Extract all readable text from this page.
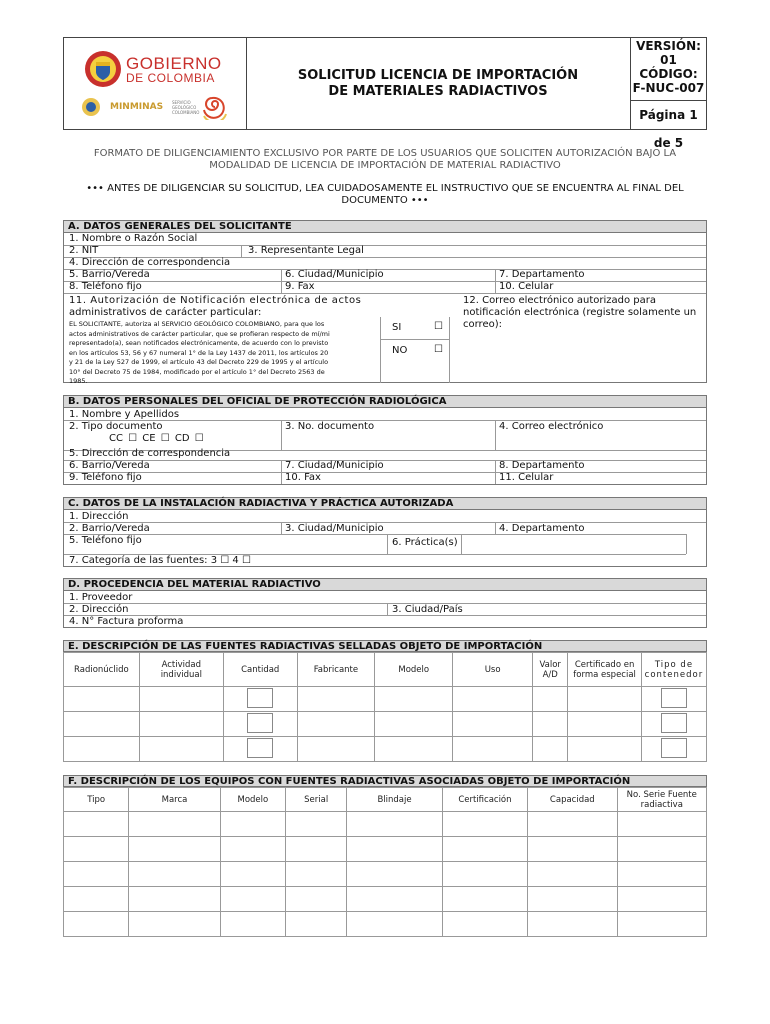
GOBIERNO
DE COLOMBIA
MINMINAS SERVICIO GEOLÓGICO COLOMBIANO
SOLICITUD LICENCIA DE IMPORTACIÓN
DE MATERIALES RADIACTIVOS
VERSIÓN:
01
CÓDIGO:
F-NUC-007
Página 1 de 5
FORMATO DE DILIGENCIAMIENTO EXCLUSIVO POR PARTE DE LOS USUARIOS QUE SOLICITEN AUTORIZACIÓN BAJO LA
MODALIDAD DE LICENCIA DE IMPORTACIÓN DE MATERIAL RADIACTIVO
••• ANTES DE DILIGENCIAR SU SOLICITUD, LEA CUIDADOSAMENTE EL INSTRUCTIVO QUE SE ENCUENTRA AL FINAL DEL
DOCUMENTO •••
A. DATOS GENERALES DEL SOLICITANTE
1. Nombre o Razón Social
2. NIT	3. Representante Legal
4. Dirección de correspondencia
5. Barrio/Vereda	6. Ciudad/Municipio	7. Departamento
8. Teléfono fijo	9. Fax	10. Celular
11. Autorización de Notificación electrónica de actos
administrativos de carácter particular:
EL SOLICITANTE, autoriza al SERVICIO GEOLÓGICO COLOMBIANO, para que los
actos administrativos de carácter particular, que se profieran respecto de mí/mi
representado(a), sean notificados electrónicamente, de acuerdo con lo previsto
en los artículos 53, 56 y 67 numeral 1° de la Ley 1437 de 2011, los artículos 20
y 21 de la Ley 527 de 1999, el artículo 43 del Decreto 229 de 1995 y el artículo
10° del Decreto 75 de 1984, modificado por el artículo 1° del Decreto 2563 de
1985.
SI	☐
NO	☐
12. Correo electrónico autorizado para
notificación electrónica (registre solamente un
correo):
B. DATOS PERSONALES DEL OFICIAL DE PROTECCIÓN RADIOLÓGICA
1. Nombre y Apellidos
2. Tipo documento
CC ☐ CE ☐ CD ☐
3. No. documento	4. Correo electrónico
5. Dirección de correspondencia
6. Barrio/Vereda	7. Ciudad/Municipio	8. Departamento
9. Teléfono fijo	10. Fax	11. Celular
C. DATOS DE LA INSTALACIÓN RADIACTIVA Y PRÁCTICA AUTORIZADA
1. Dirección
2. Barrio/Vereda	3. Ciudad/Municipio	4. Departamento
5. Teléfono fijo	6. Práctica(s)
7. Categoría de las fuentes: 3 ☐ 4 ☐
D. PROCEDENCIA DEL MATERIAL RADIACTIVO
1. Proveedor
2. Dirección	3. Ciudad/País
4. N° Factura proforma
E. DESCRIPCIÓN DE LAS FUENTES RADIACTIVAS SELLADAS OBJETO DE IMPORTACIÓN
Radionúclido	Actividad individual	Cantidad	Fabricante	Modelo	Uso	Valor A/D	Certificado en forma especial	Tipo de contenedor

F. DESCRIPCIÓN DE LOS EQUIPOS CON FUENTES RADIACTIVAS ASOCIADAS OBJETO DE IMPORTACIÓN
Tipo	Marca	Modelo	Serial	Blindaje	Certificación	Capacidad	No. Serie Fuente radiactiva
